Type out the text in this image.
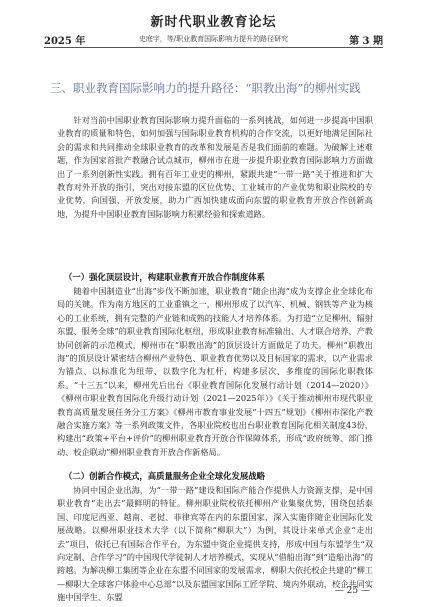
新时代职业教育论坛
2025 年	史庭宇，等/职业教育国际影响力提升的路径研究	第 3 期
三、职业教育国际影响力的提升路径：“职教出海”的柳州实践

针对当前中国职业教育国际影响力提升面临的一系列挑战，如何进一步提高中国职业教育的质量和特色，如何加强与国际职业教育机构的合作交流，以更好地满足国际社会的需求和共同推动全球职业教育的改革和发展是否是我们面前的难题。为破解上述难题，作为国家首批产教融合试点城市，柳州市在进一步提升职业教育国际影响力方面做出了一系列创新性实践。拥有百年工业史的柳州，紧跟共建“一带一路”关于推进和扩大教育对外开放的指引，突出对接东盟的区位优势、工业城市的产业优势和职业院校的专业优势，向国强、开放发展，助力广西加快建成面向东盟的职业教育开放合作创新高地，为提升中国职业教育国际影响力积累经验和探索道路。

（一）强化顶层设计，构建职业教育开放合作制度体系

随着中国制造业“出海”步伐不断加速，职业教育“随企出海”成为支撑企业全球化布局的关键。作为南方地区的工业重镇之一，柳州形成了以汽车、机械、钢铁等产业为核心的工业系统，拥有完整的产业链和成熟的技能人才培养体系。为打造“立足柳州、辐射东盟、服务全球”的职业教育国际化枢纽，形成职业教育标准输出、人才联合培养、产教协同创新的示范模式，柳州市在“职教出海”的顶层设计方面做足了功夫。柳州“职教出海”的顶层设计紧密结合柳州产业特色、职业教育优势以及目标国家的需求，以产业需求为锚点、以标准化为纽带、以数字化为杠杆，构建多层次、多维度的国际化职教体系。“十三五”以来，柳州先后出台《职业教育国际化发展行动计划（2014—2020）》《柳州市职业教育国际化升级行动计划（2021—2025年）》《关于推动柳州市现代职业教育高质量发展任务分工方案》《柳州市教育事业发展“十四五”规划》《柳州市深化产教融合实施方案》等一系列政策文件，各职业院校也出台职业教育国际化相关制度43份，构建出“政策+平台+评价”的柳州职业教育开放合作保障体系，形成“政府统筹、部门推动、校企联动”柳州职业教育开放合作新格局。

（二）创新合作模式，高质量服务企业全球化发展战略

协同中国企业出海，为“一带一路”建设和国际产能合作提供人力资源支撑，是中国职业教育“走出去”最鲜明的特征。柳州职业院校依托柳州产业集聚优势，围绕包括泰国、印度尼西亚、越南、老挝、菲律宾等在内的东盟国家，深入实施伴随企业国际化发展战略。以柳州职业技术大学（以下简称“柳职大”）为例，其设计来单式企业“走出去”项目，依托已有国际合作平台，为东盟中资企业提供支持，形成中国与东盟学生“双向定制、合作学习”的中国现代学徒制人才培养模式，实现从“借船出海”到“造船出海”的跨越。为解决柳工集团等企业在东盟不同国家的发展需求，柳职大依托校企共建的“柳工—柳职大全球客户体验中心总部”以及东盟国家国际工匠学院、境内外联动，校企共同实施中国学生、东盟

— 25 —
